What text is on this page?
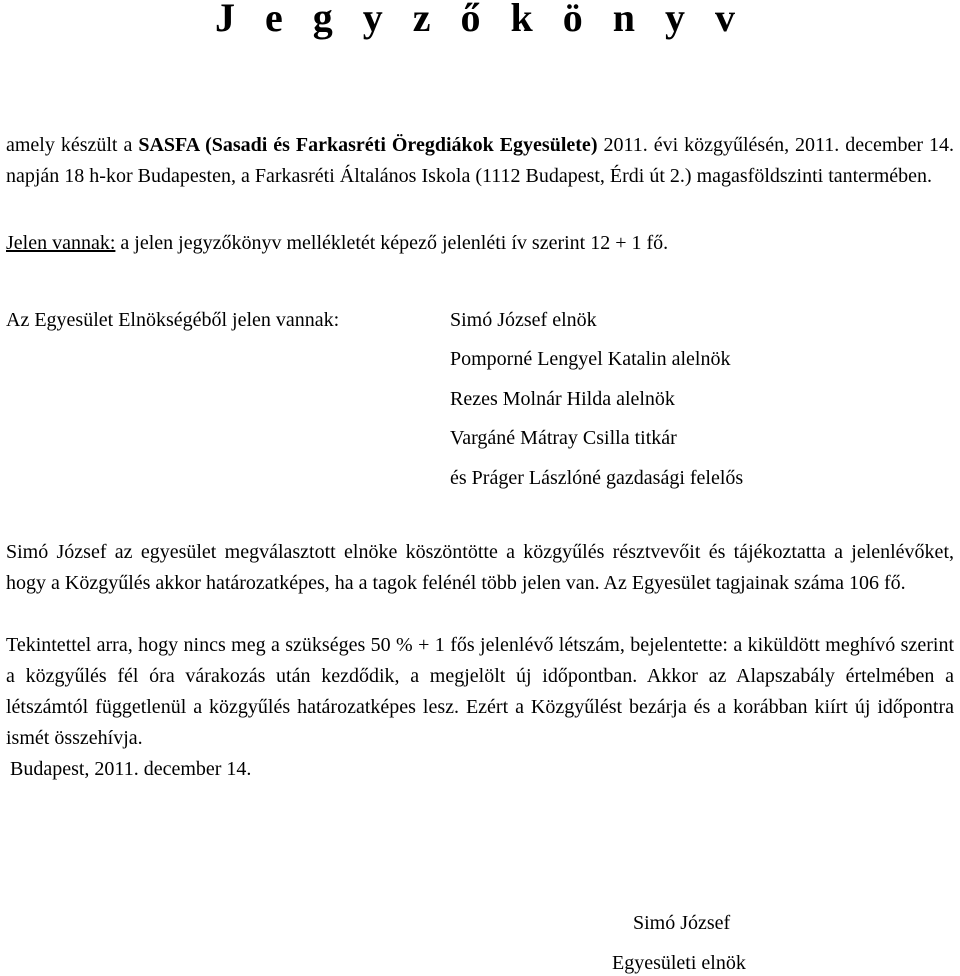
J e g y z ő k ö n y v

amely készült a SASFA (Sasadi és Farkasréti Öregdiákok Egyesülete) 2011. évi közgyűlésén, 2011. december 14. napján 18 h-kor Budapesten, a Farkasréti Általános Iskola (1112 Budapest, Érdi út 2.) magasföldszinti tantermében.

Jelen vannak: a jelen jegyzőkönyv mellékletét képező jelenléti ív szerint 12 + 1 fő.

Az Egyesület Elnökségéből jelen vannak:	Simó József elnök

Pomporné Lengyel Katalin alelnök

Rezes Molnár Hilda alelnök

Vargáné Mátray Csilla titkár

és Práger Lászlóné gazdasági felelős

Simó József az egyesület megválasztott elnöke köszöntötte a közgyűlés résztvevőit és tájékoztatta a jelenlévőket, hogy a Közgyűlés akkor határozatképes, ha a tagok felénél több jelen van. Az Egyesület tagjainak száma 106 fő.

Tekintettel arra, hogy nincs meg a szükséges 50 % + 1 fős jelenlévő létszám, bejelentette: a kiküldött meghívó szerint a közgyűlés fél óra várakozás után kezdődik, a megjelölt új időpontban. Akkor az Alapszabály értelmében a létszámtól függetlenül a közgyűlés határozatképes lesz. Ezért a Közgyűlést bezárja és a korábban kiírt új időpontra ismét összehívja.

Budapest, 2011. december 14.

Simó József

Egyesületi elnök
